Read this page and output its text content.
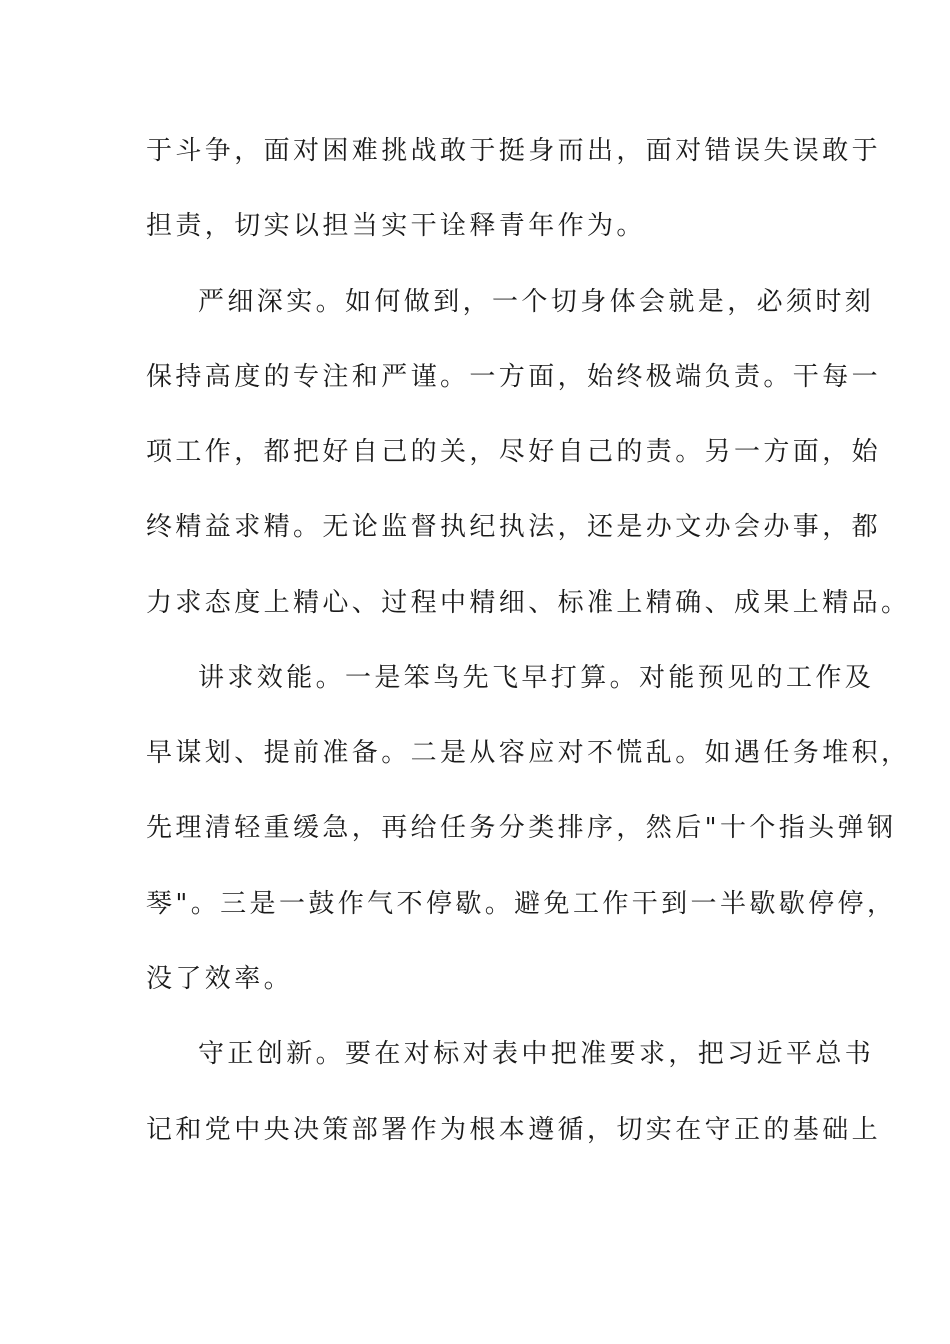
于斗争，面对困难挑战敢于挺身而出，面对错误失误敢于
担责，切实以担当实干诠释青年作为。
严细深实。如何做到，一个切身体会就是，必须时刻
保持高度的专注和严谨。一方面，始终极端负责。干每一
项工作，都把好自己的关，尽好自己的责。另一方面，始
终精益求精。无论监督执纪执法，还是办文办会办事，都
力求态度上精心、过程中精细、标准上精确、成果上精品。
讲求效能。一是笨鸟先飞早打算。对能预见的工作及
早谋划、提前准备。二是从容应对不慌乱。如遇任务堆积，
先理清轻重缓急，再给任务分类排序，然后"十个指头弹钢
琴"。三是一鼓作气不停歇。避免工作干到一半歇歇停停，
没了效率。
守正创新。要在对标对表中把准要求，把习近平总书
记和党中央决策部署作为根本遵循，切实在守正的基础上
